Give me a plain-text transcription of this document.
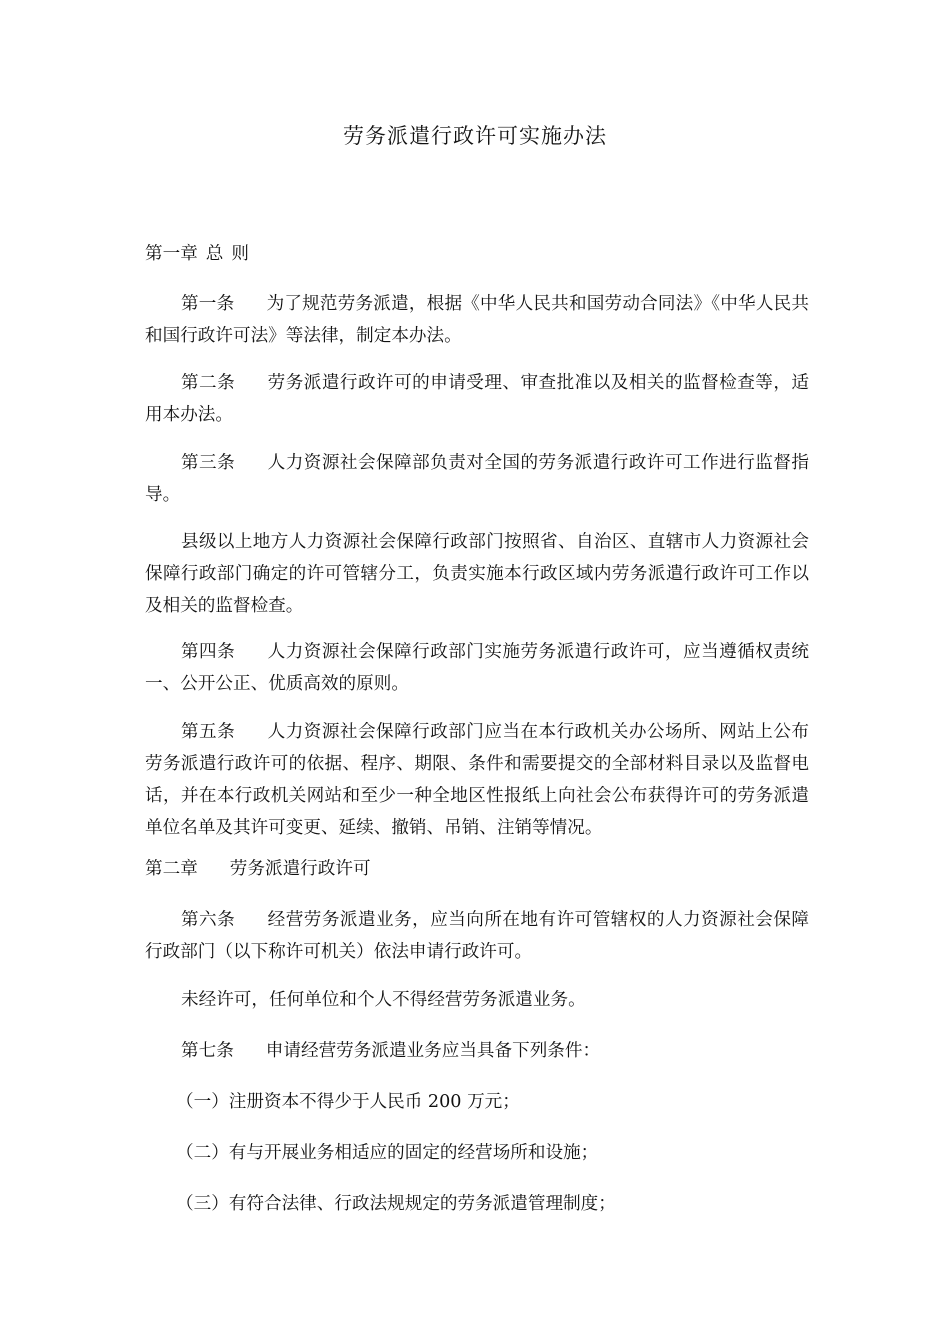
劳务派遣行政许可实施办法
第一章 总 则
第一条 为了规范劳务派遣，根据《中华人民共和国劳动合同法》《中华人民共和国行政许可法》等法律，制定本办法。
第二条 劳务派遣行政许可的申请受理、审查批准以及相关的监督检查等，适用本办法。
第三条 人力资源社会保障部负责对全国的劳务派遣行政许可工作进行监督指导。
县级以上地方人力资源社会保障行政部门按照省、自治区、直辖市人力资源社会保障行政部门确定的许可管辖分工，负责实施本行政区域内劳务派遣行政许可工作以及相关的监督检查。
第四条 人力资源社会保障行政部门实施劳务派遣行政许可，应当遵循权责统一、公开公正、优质高效的原则。
第五条 人力资源社会保障行政部门应当在本行政机关办公场所、网站上公布劳务派遣行政许可的依据、程序、期限、条件和需要提交的全部材料目录以及监督电话，并在本行政机关网站和至少一种全地区性报纸上向社会公布获得许可的劳务派遣单位名单及其许可变更、延续、撤销、吊销、注销等情况。
第二章 劳务派遣行政许可
第六条 经营劳务派遣业务，应当向所在地有许可管辖权的人力资源社会保障行政部门（以下称许可机关）依法申请行政许可。
未经许可，任何单位和个人不得经营劳务派遣业务。
第七条 申请经营劳务派遣业务应当具备下列条件：
（一）注册资本不得少于人民币 200 万元；
（二）有与开展业务相适应的固定的经营场所和设施；
（三）有符合法律、行政法规规定的劳务派遣管理制度；
